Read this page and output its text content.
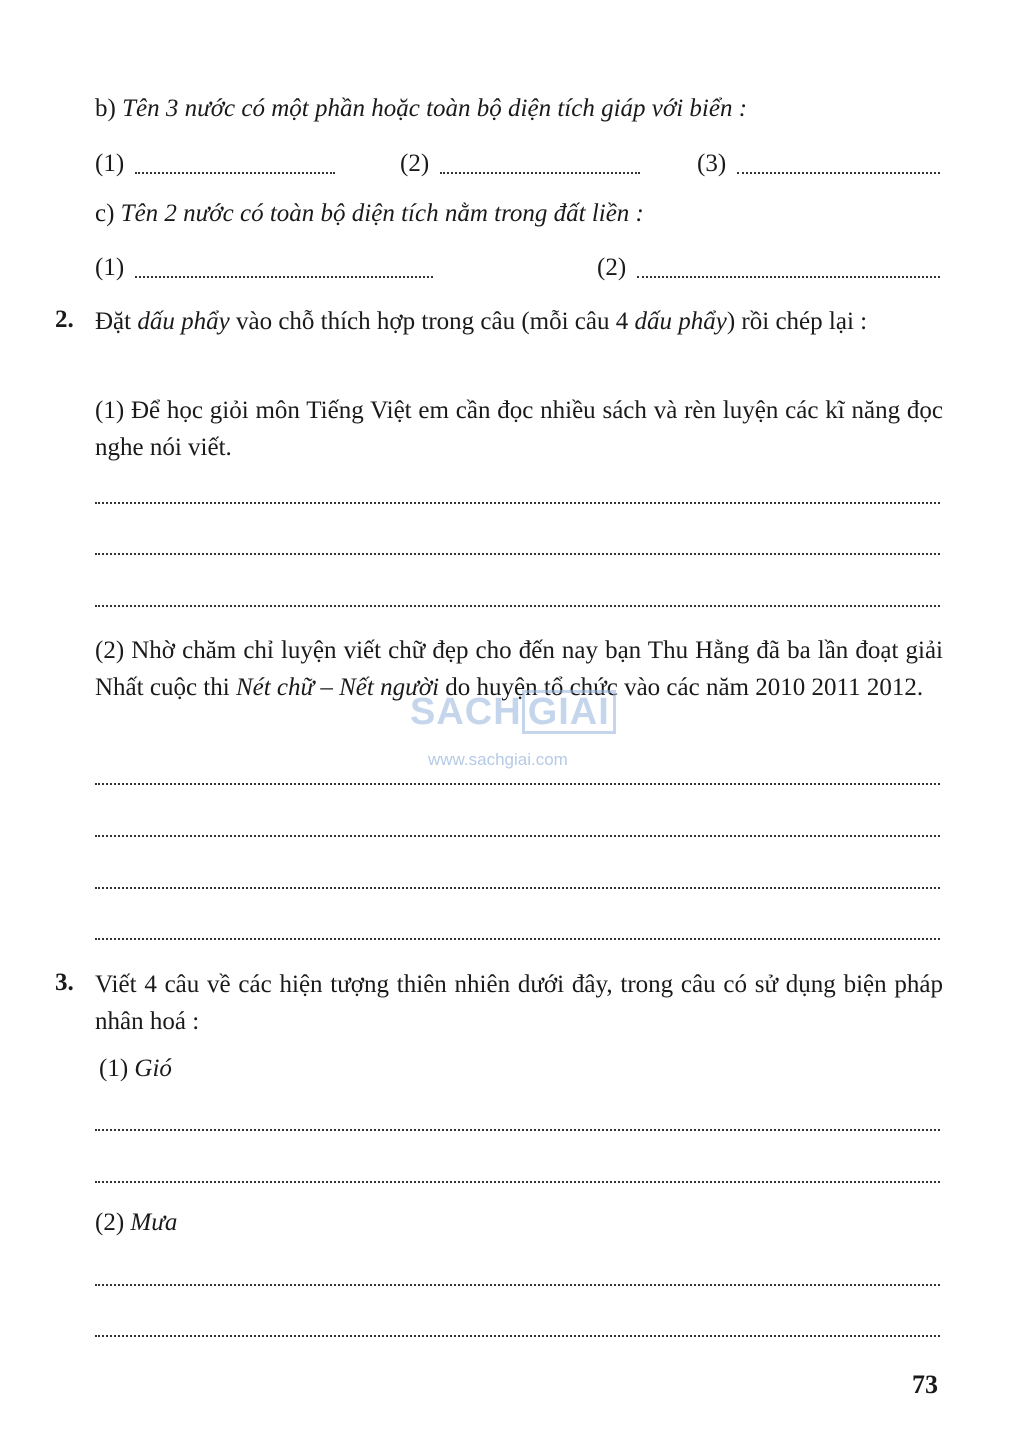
b) Tên 3 nước có một phần hoặc toàn bộ diện tích giáp với biển :
(1)	(2)	(3)
c) Tên 2 nước có toàn bộ diện tích nằm trong đất liền :
(1)	(2)
2. Đặt dấu phẩy vào chỗ thích hợp trong câu (mỗi câu 4 dấu phẩy) rồi chép lại :
(1) Để học giỏi môn Tiếng Việt em cần đọc nhiều sách và rèn luyện các kĩ năng đọc nghe nói viết.
(2) Nhờ chăm chỉ luyện viết chữ đẹp cho đến nay bạn Thu Hằng đã ba lần đoạt giải Nhất cuộc thi Nét chữ – Nết người do huyện tổ chức vào các năm 2010 2011 2012.
3. Viết 4 câu về các hiện tượng thiên nhiên dưới đây, trong câu có sử dụng biện pháp nhân hoá :
(1) Gió
(2) Mưa
SACH GIAI
www.sachgiai.com
73
